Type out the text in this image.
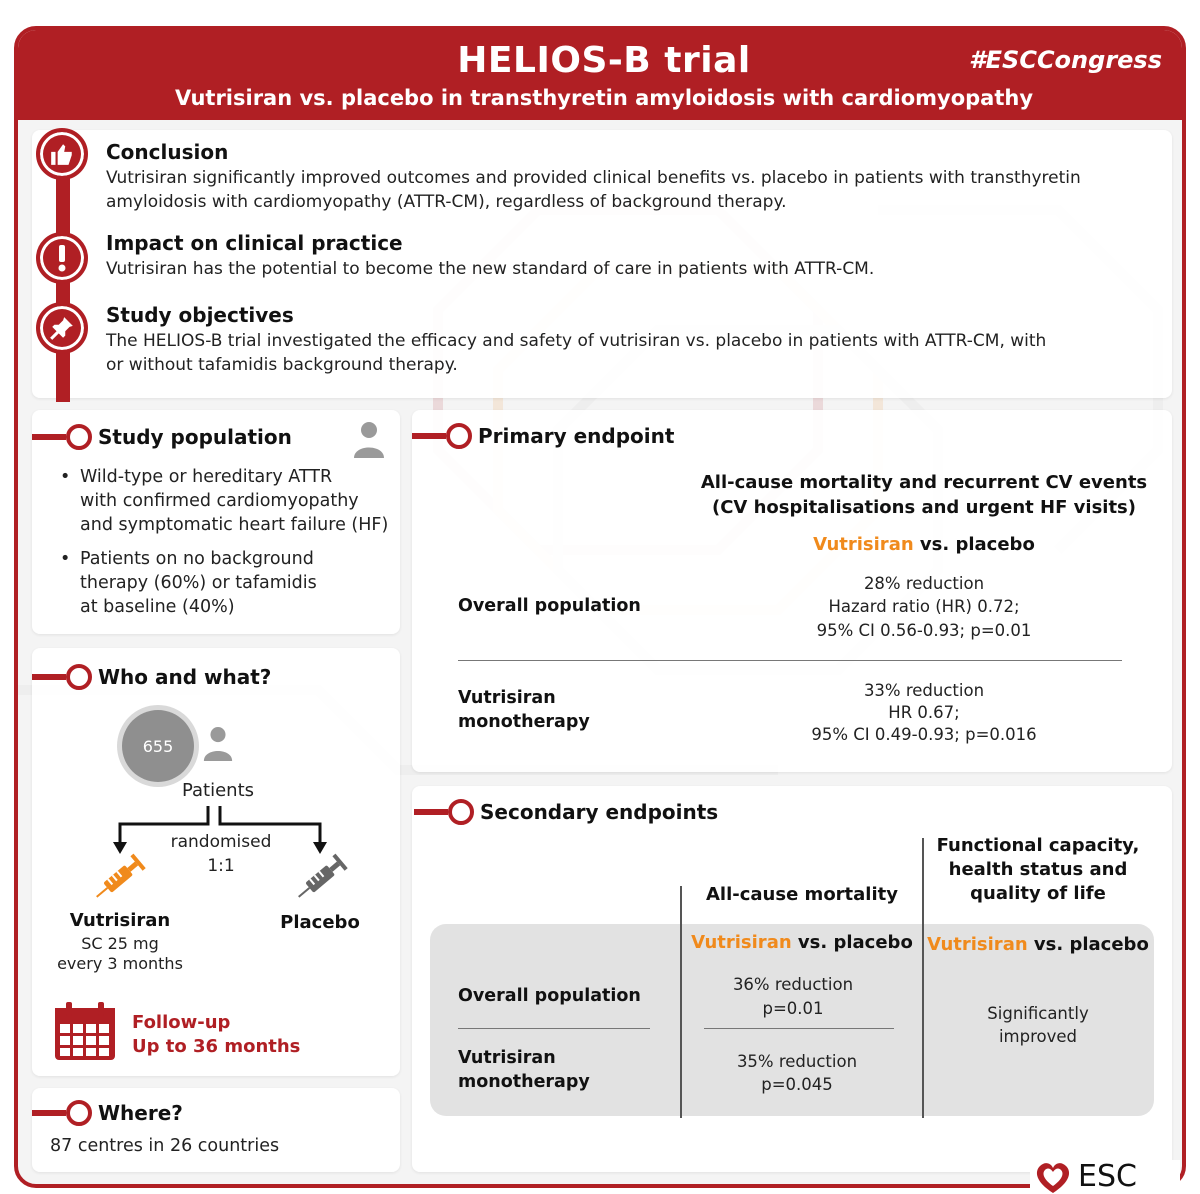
HELIOS-B trial
Vutrisiran vs. placebo in transthyretin amyloidosis with cardiomyopathy
#ESCCongress
Conclusion
Vutrisiran significantly improved outcomes and provided clinical benefits vs. placebo in patients with transthyretin
amyloidosis with cardiomyopathy (ATTR-CM), regardless of background therapy.
Impact on clinical practice
Vutrisiran has the potential to become the new standard of care in patients with ATTR-CM.
Study objectives
The HELIOS-B trial investigated the efficacy and safety of vutrisiran vs. placebo in patients with ATTR-CM, with
or without tafamidis background therapy.
Study population
• Wild-type or hereditary ATTR
with confirmed cardiomyopathy
and symptomatic heart failure (HF)
• Patients on no background
therapy (60%) or tafamidis
at baseline (40%)
Who and what?
655
Patients
randomised
1:1
Vutrisiran
SC 25 mg
every 3 months
Placebo
Follow-up
Up to 36 months
Where?
87 centres in 26 countries
Primary endpoint
All-cause mortality and recurrent CV events
(CV hospitalisations and urgent HF visits)
Vutrisiran vs. placebo
Overall population
28% reduction
Hazard ratio (HR) 0.72;
95% CI 0.56-0.93; p=0.01
Vutrisiran
monotherapy
33% reduction
HR 0.67;
95% CI 0.49-0.93; p=0.016
Secondary endpoints
All-cause mortality
Functional capacity,
health status and
quality of life
Vutrisiran vs. placebo Vutrisiran vs. placebo
Overall population
36% reduction
p=0.01
Vutrisiran
monotherapy
35% reduction
p=0.045
Significantly
improved
ESC
